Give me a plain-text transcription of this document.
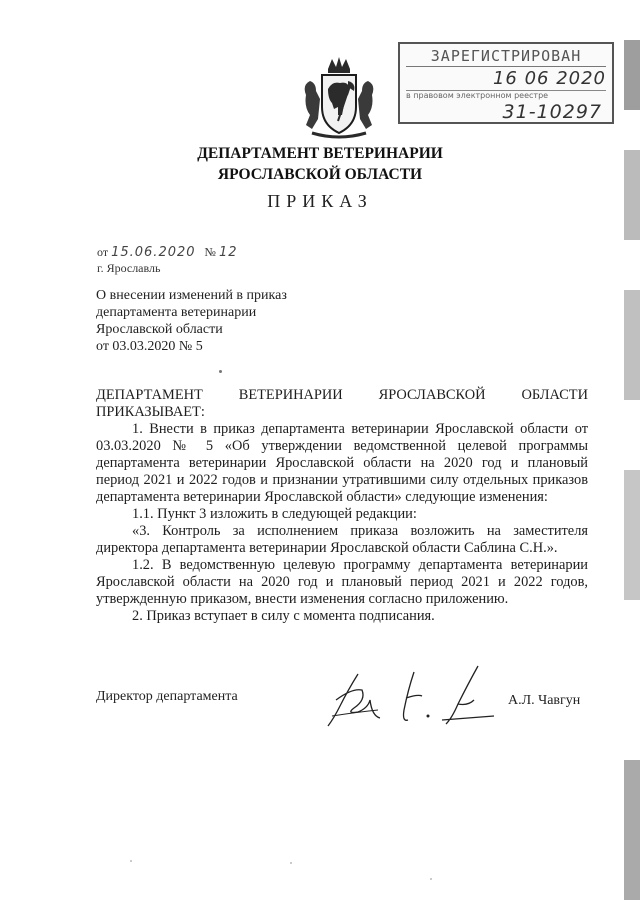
ЗАРЕГИСТРИРОВАН
16 06 2020
в правовом электронном реестре
31-10297
ДЕПАРТАМЕНТ ВЕТЕРИНАРИИ
ЯРОСЛАВСКОЙ ОБЛАСТИ
ПРИКАЗ
от 15.06.2020 № 12
г. Ярославль
О внесении изменений в приказ
департамента ветеринарии
Ярославской области
от 03.03.2020 № 5

ДЕПАРТАМЕНТ ВЕТЕРИНАРИИ ЯРОСЛАВСКОЙ ОБЛАСТИ

ПРИКАЗЫВАЕТ:

1. Внести в приказ департамента ветеринарии Ярославской области от 03.03.2020 № 5 «Об утверждении ведомственной целевой программы департамента ветеринарии Ярославской области на 2020 год и плановый период 2021 и 2022 годов и признании утратившими силу отдельных приказов департамента ветеринарии Ярославской области» следующие изменения:

1.1. Пункт 3 изложить в следующей редакции:

«3. Контроль за исполнением приказа возложить на заместителя директора департамента ветеринарии Ярославской области Саблина С.Н.».

1.2. В ведомственную целевую программу департамента ветеринарии Ярославской области на 2020 год и плановый период 2021 и 2022 годов, утвержденную приказом, внести изменения согласно приложению.

2. Приказ вступает в силу с момента подписания.

Директор департамента	А.Л. Чавгун
